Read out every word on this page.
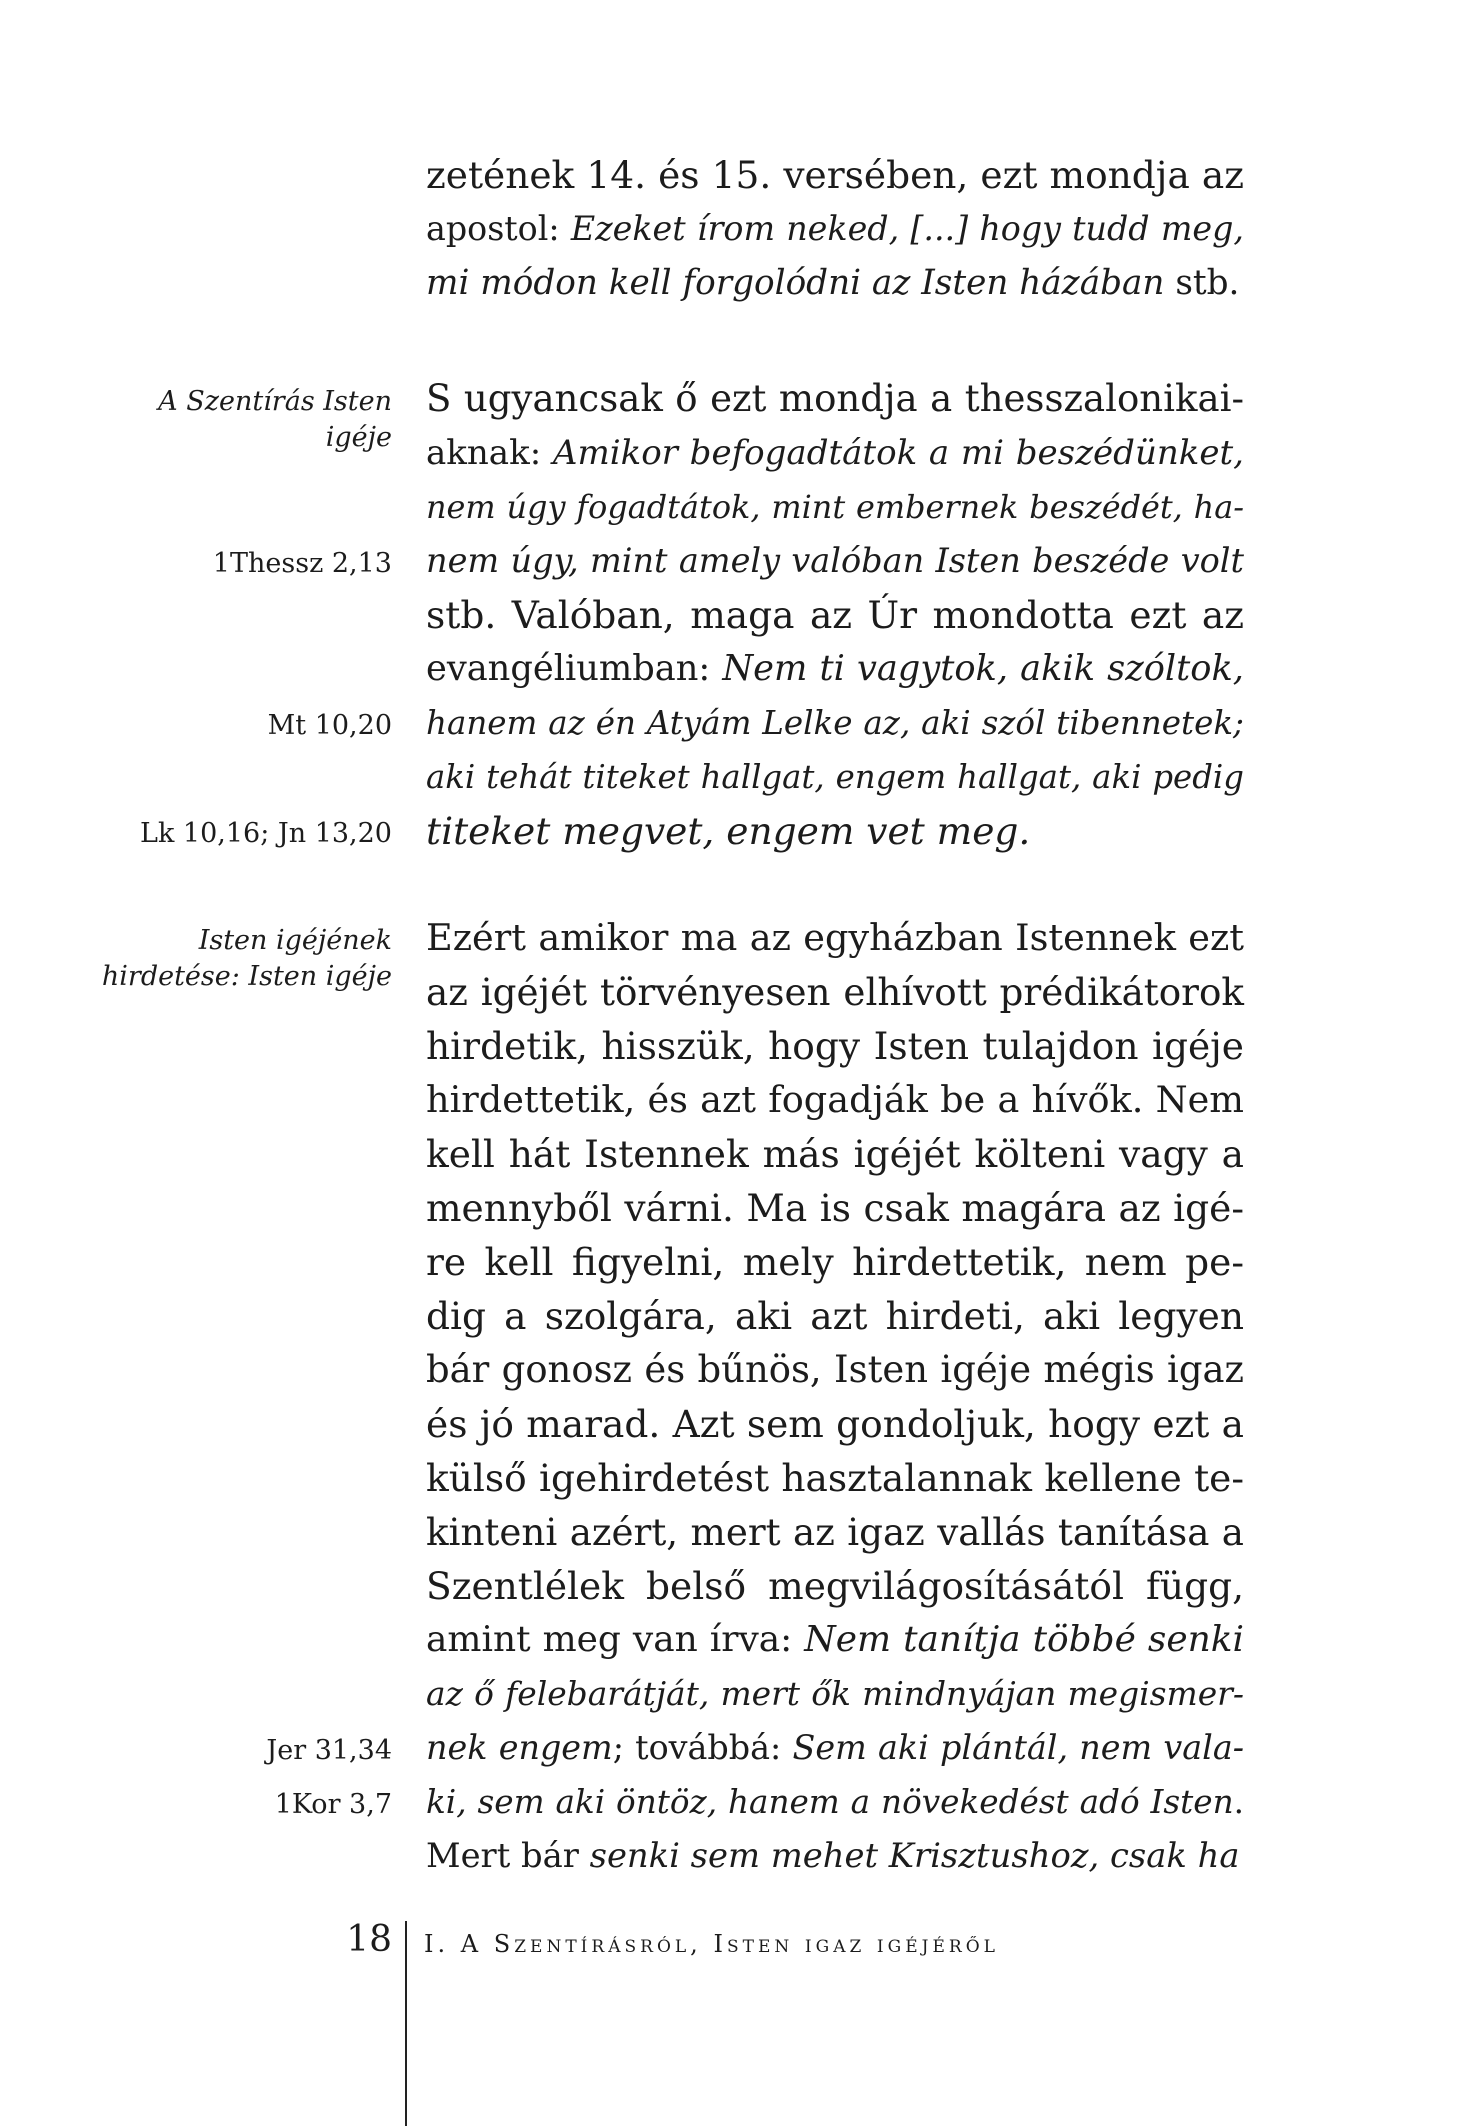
zetének 14. és 15. versében, ezt mondja az
apostol: Ezeket írom neked, [...] hogy tudd meg,
mi módon kell forgolódni az Isten házában stb.
S ugyancsak ő ezt mondja a thesszalonikai-
aknak: Amikor befogadtátok a mi beszédünket,
nem úgy fogadtátok, mint embernek beszédét, ha-
nem úgy, mint amely valóban Isten beszéde volt
stb. Valóban, maga az Úr mondotta ezt az
evangéliumban: Nem ti vagytok, akik szóltok,
hanem az én Atyám Lelke az, aki szól tibennetek;
aki tehát titeket hallgat, engem hallgat, aki pedig
titeket megvet, engem vet meg.
Ezért amikor ma az egyházban Istennek ezt
az igéjét törvényesen elhívott prédikátorok
hirdetik, hisszük, hogy Isten tulajdon igéje
hirdettetik, és azt fogadják be a hívők. Nem
kell hát Istennek más igéjét költeni vagy a
mennyből várni. Ma is csak magára az igé-
re kell figyelni, mely hirdettetik, nem pe-
dig a szolgára, aki azt hirdeti, aki legyen
bár gonosz és bűnös, Isten igéje mégis igaz
és jó marad. Azt sem gondoljuk, hogy ezt a
külső igehirdetést hasztalannak kellene te-
kinteni azért, mert az igaz vallás tanítása a
Szentlélek belső megvilágosításától függ,
amint meg van írva: Nem tanítja többé senki
az ő felebarátját, mert ők mindnyájan megismer-
nek engem; továbbá: Sem aki plántál, nem vala-
ki, sem aki öntöz, hanem a növekedést adó Isten.
Mert bár senki sem mehet Krisztushoz, csak ha
A Szentírás Isten
igéje
1Thessz 2,13
Mt 10,20
Lk 10,16; Jn 13,20
Isten igéjének
hirdetése: Isten igéje
Jer 31,34
1Kor 3,7
18 I. A SZENTÍRÁSRÓL, ISTEN IGAZ IGÉJÉRŐL
